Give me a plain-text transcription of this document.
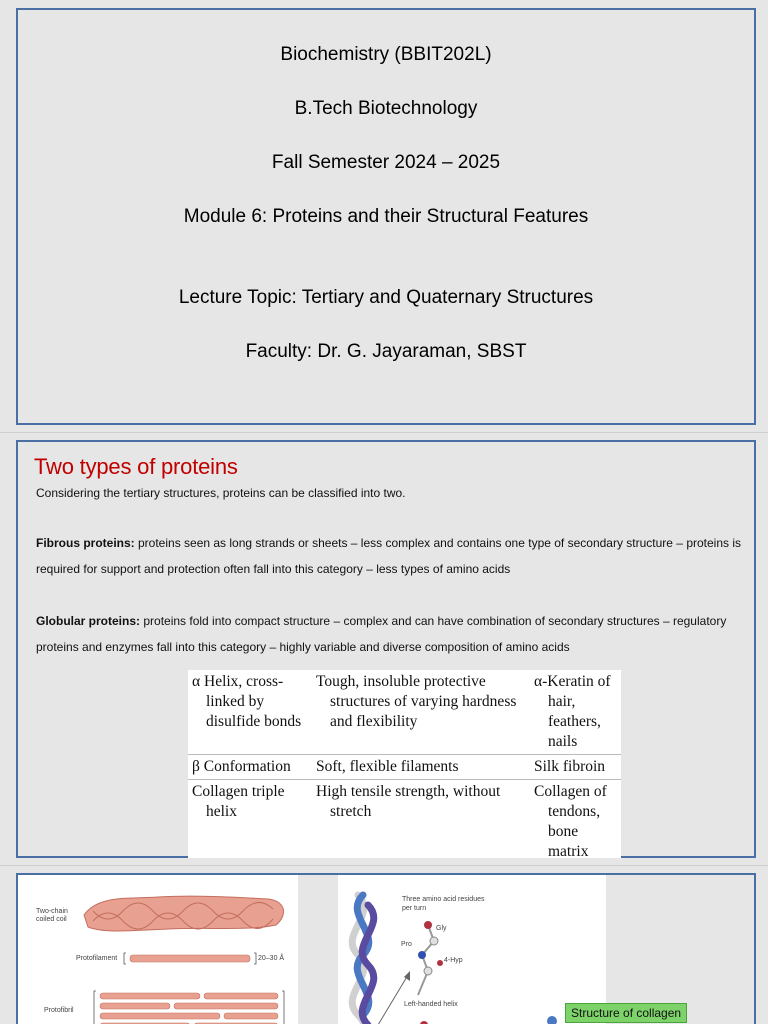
Biochemistry (BBIT202L)
B.Tech Biotechnology
Fall Semester 2024 – 2025
Module 6: Proteins and their Structural Features
Lecture Topic: Tertiary and Quaternary Structures
Faculty: Dr. G. Jayaraman, SBST
Two types of proteins
Considering the tertiary structures, proteins can be classified into two.
Fibrous proteins: proteins seen as long strands or sheets – less complex and contains one type of secondary structure – proteins is required for support and protection often fall into this category – less types of amino acids
Globular proteins: proteins fold into compact structure – complex and can have combination of secondary structures – regulatory proteins and enzymes fall into this category – highly variable and diverse composition of amino acids
α Helix, cross-linked by disulfide bonds	Tough, insoluble protective structures of varying hardness and flexibility	α-Keratin of hair, feathers, nails

β Conformation	Soft, flexible filaments	Silk fibroin

Collagen triple helix	High tensile strength, without stretch	Collagen of tendons, bone matrix
Two-chain coiled coil
Protofilament	20–30 Å
Protofibril
Three amino acid residues per turn
Gly
Pro
4-Hyp
Left-handed helix
Structure of collagen
